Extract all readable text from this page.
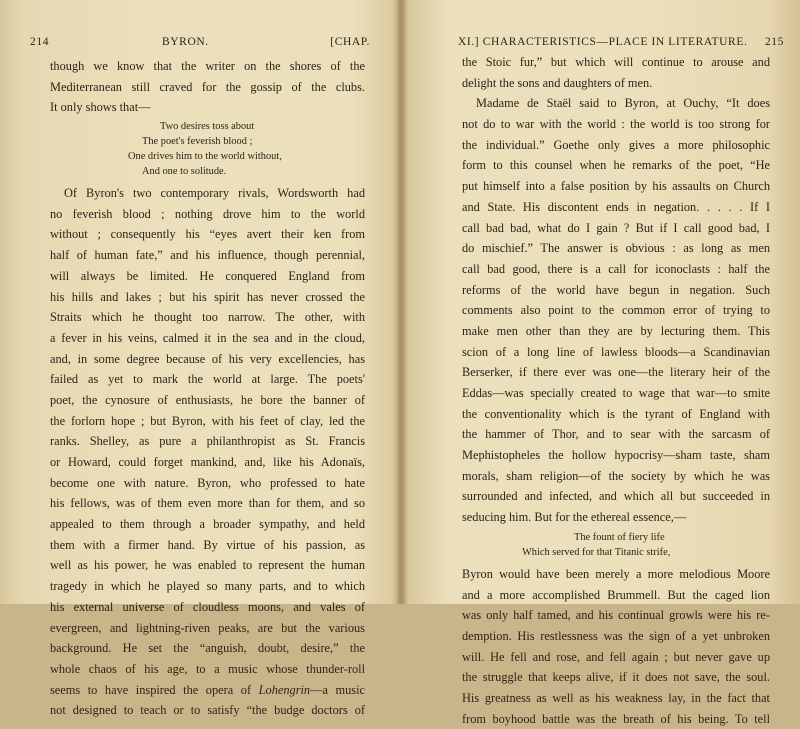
214	BYRON.	[CHAP.
though we know that the writer on the shores of the
Mediterranean still craved for the gossip of the clubs.
It only shows that—
Two desires toss about
The poet's feverish blood ;
One drives him to the world without,
And one to solitude.
Of Byron's two contemporary rivals, Wordsworth had
no feverish blood ; nothing drove him to the world
without ; consequently his “eyes avert their ken from
half of human fate,” and his influence, though perennial,
will always be limited. He conquered England from
his hills and lakes ; but his spirit has never crossed the
Straits which he thought too narrow. The other, with
a fever in his veins, calmed it in the sea and in the cloud,
and, in some degree because of his very excellencies, has
failed as yet to mark the world at large. The poets'
poet, the cynosure of enthusiasts, he bore the banner of
the forlorn hope ; but Byron, with his feet of clay, led the
ranks. Shelley, as pure a philanthropist as St. Francis
or Howard, could forget mankind, and, like his Adonaïs,
become one with nature. Byron, who professed to hate
his fellows, was of them even more than for them, and so
appealed to them through a broader sympathy, and held
them with a firmer hand. By virtue of his passion, as
well as his power, he was enabled to represent the human
tragedy in which he played so many parts, and to which
his external universe of cloudless moons, and vales of
evergreen, and lightning-riven peaks, are but the various
background. He set the “anguish, doubt, desire,” the
whole chaos of his age, to a music whose thunder-roll
seems to have inspired the opera of Lohengrin—a music
not designed to teach or to satisfy “the budge doctors of
XI.] CHARACTERISTICS—PLACE IN LITERATURE. 215
the Stoic fur,” but which will continue to arouse and
delight the sons and daughters of men.
Madame de Staël said to Byron, at Ouchy, “It does
not do to war with the world : the world is too strong for
the individual.” Goethe only gives a more philosophic
form to this counsel when he remarks of the poet, “He
put himself into a false position by his assaults on Church
and State. His discontent ends in negation. . . . . If I
call bad bad, what do I gain ? But if I call good bad, I
do mischief.” The answer is obvious : as long as men
call bad good, there is a call for iconoclasts : half the
reforms of the world have begun in negation. Such
comments also point to the common error of trying to
make men other than they are by lecturing them. This
scion of a long line of lawless bloods—a Scandinavian
Berserker, if there ever was one—the literary heir of the
Eddas—was specially created to wage that war—to smite
the conventionality which is the tyrant of England with
the hammer of Thor, and to sear with the sarcasm of
Mephistopheles the hollow hypocrisy—sham taste, sham
morals, sham religion—of the society by which he was
surrounded and infected, and which all but succeeded in
seducing him. But for the ethereal essence,—
The fount of fiery life
Which served for that Titanic strife,
Byron would have been merely a more melodious Moore
and a more accomplished Brummell. But the caged lion
was only half tamed, and his continual growls were his re-
demption. His restlessness was the sign of a yet unbroken
will. He fell and rose, and fell again ; but never gave up
the struggle that keeps alive, if it does not save, the soul.
His greatness as well as his weakness lay, in the fact that
from boyhood battle was the breath of his being. To tell
